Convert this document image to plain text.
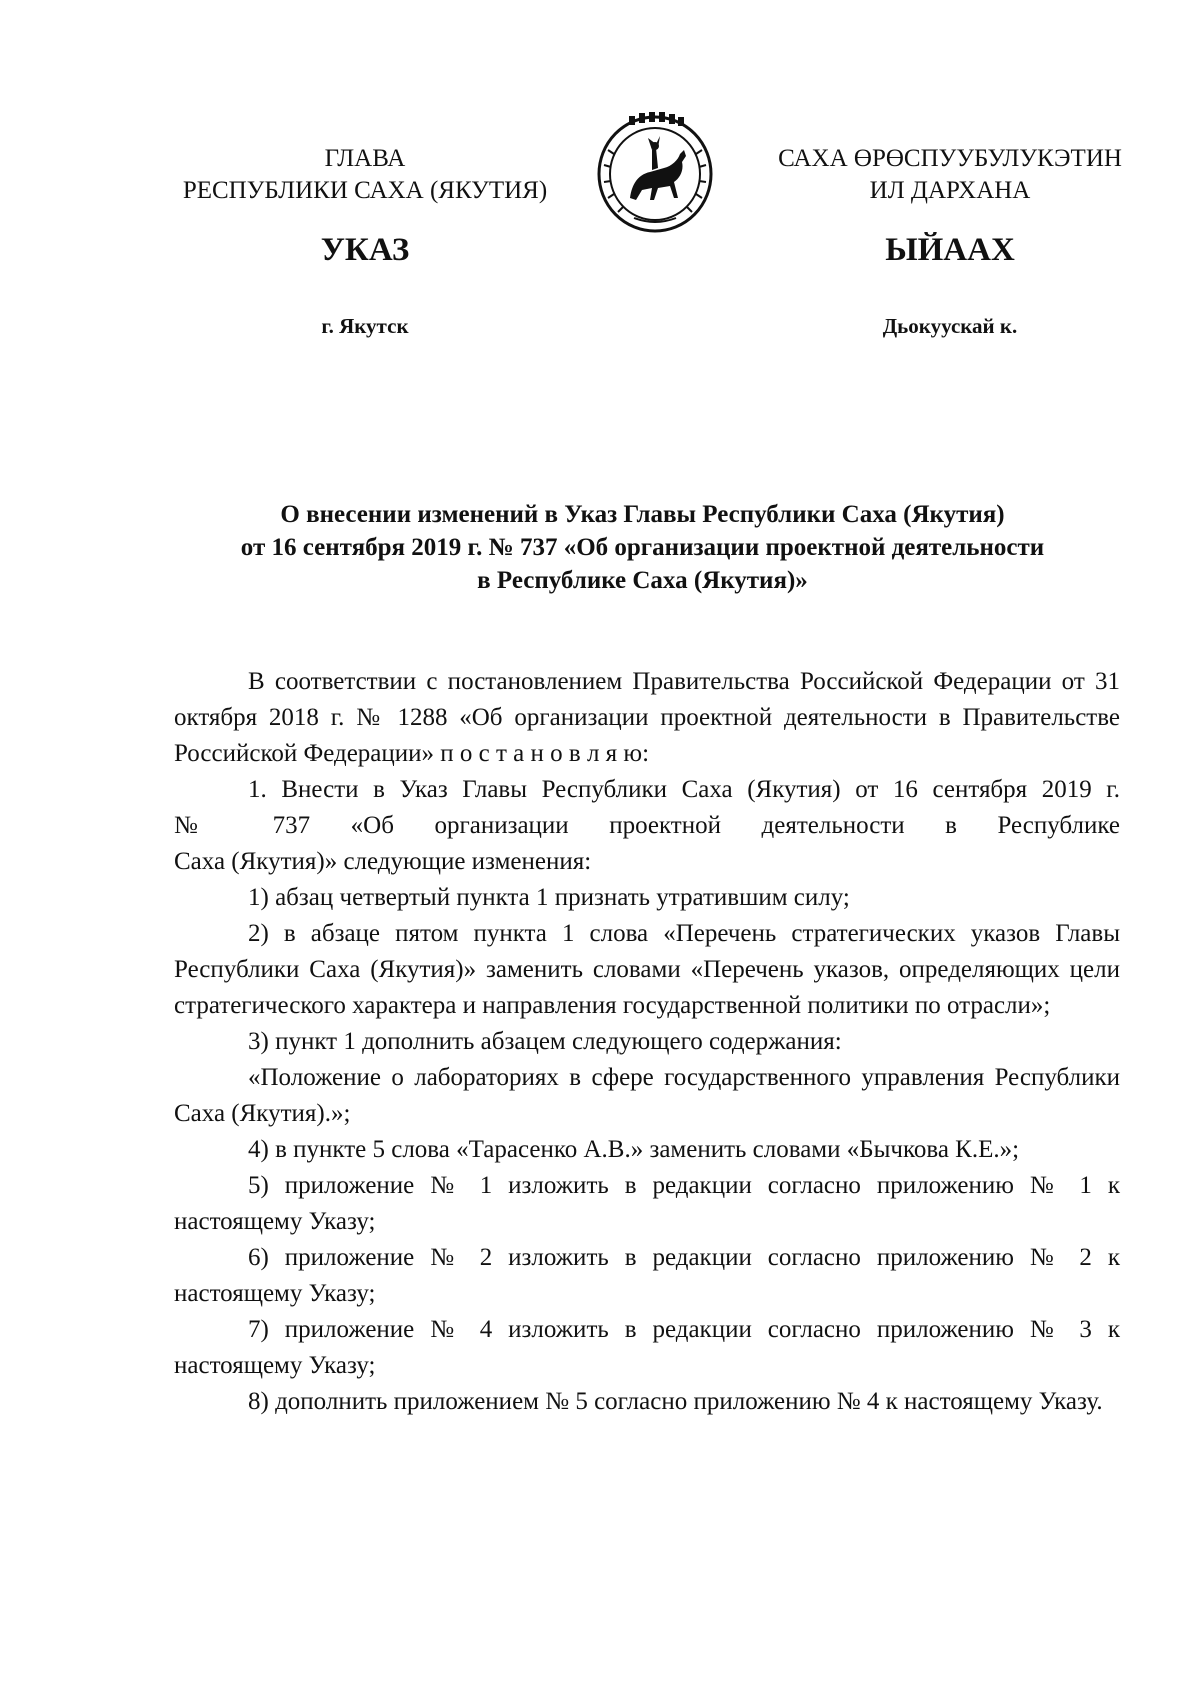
ГЛАВА
РЕСПУБЛИКИ САХА (ЯКУТИЯ)
САХА ӨРӨСПУУБУЛУКЭТИН
ИЛ ДАРХАНА
УКАЗ	ЫЙААХ
г. Якутск	Дьокуускай к.
О внесении изменений в Указ Главы Республики Саха (Якутия)
от 16 сентября 2019 г. № 737 «Об организации проектной деятельности
в Республике Саха (Якутия)»

В соответствии с постановлением Правительства Российской Федерации от 31 октября 2018 г. № 1288 «Об организации проектной деятельности в Правительстве Российской Федерации» п о с т а н о в л я ю:

1. Внести в Указ Главы Республики Саха (Якутия) от 16 сентября 2019 г.

№ 737 «Об организации проектной деятельности в Республике

Саха (Якутия)» следующие изменения:

1) абзац четвертый пункта 1 признать утратившим силу;

2) в абзаце пятом пункта 1 слова «Перечень стратегических указов Главы Республики Саха (Якутия)» заменить словами «Перечень указов, определяющих цели стратегического характера и направления государственной политики по отрасли»;

3) пункт 1 дополнить абзацем следующего содержания:

«Положение о лабораториях в сфере государственного управления Республики Саха (Якутия).»;

4) в пункте 5 слова «Тарасенко А.В.» заменить словами «Бычкова К.Е.»;

5) приложение № 1 изложить в редакции согласно приложению № 1 к настоящему Указу;

6) приложение № 2 изложить в редакции согласно приложению № 2 к настоящему Указу;

7) приложение № 4 изложить в редакции согласно приложению № 3 к настоящему Указу;

8) дополнить приложением № 5 согласно приложению № 4 к настоящему Указу.
